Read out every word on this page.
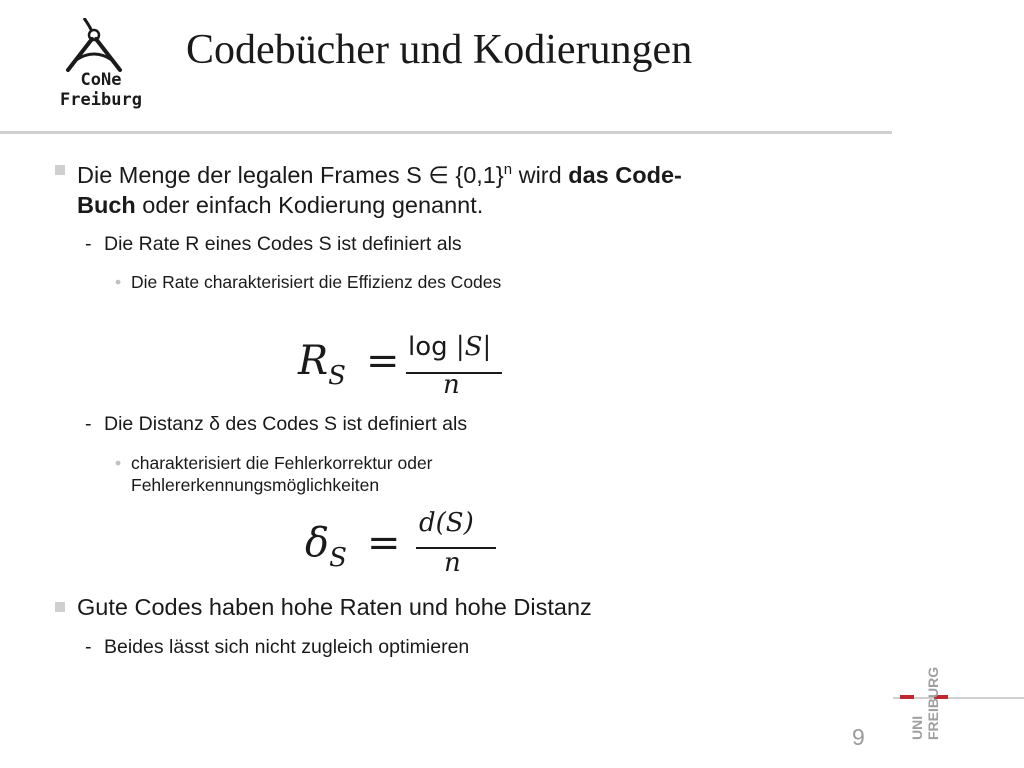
CoNe
Freiburg
Codebücher und Kodierungen
Die Menge der legalen Frames S ∈ $\{0,1\}^n$ wird das Code-
Buch oder einfach Kodierung genannt.
- Die Rate R eines Codes S ist definiert als
• Die Rate charakterisiert die Effizienz des Codes
$R_S = \log |S|$
n
- Die Distanz δ des Codes S ist definiert als
• charakterisiert die Fehlerkorrektur oder
Fehlererkennungsmöglichkeiten
$\delta_S = d(S)$
n
Gute Codes haben hohe Raten und hohe Distanz
- Beides lässt sich nicht zugleich optimieren
UNI FREIBURG
9
